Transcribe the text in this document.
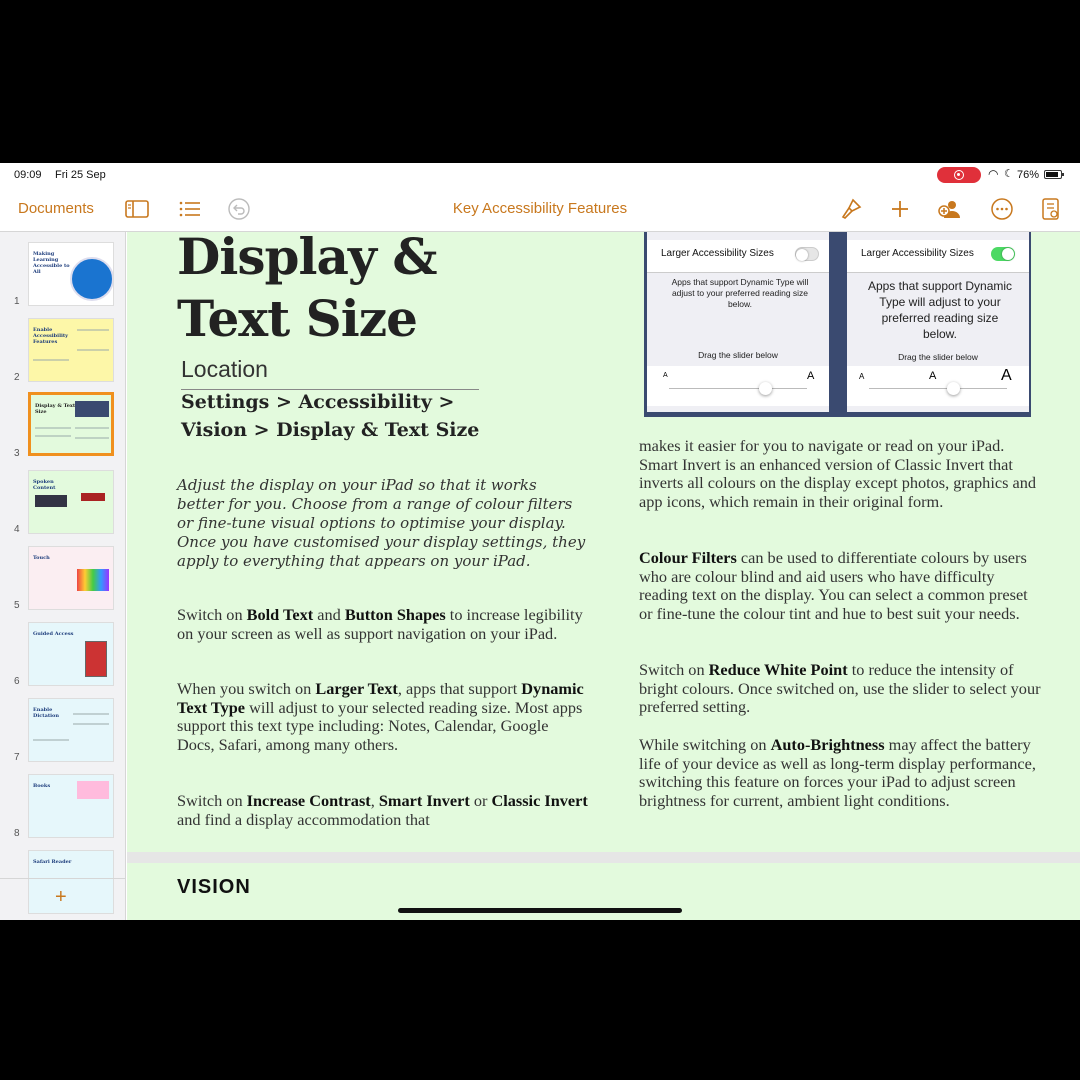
09:09 Fri 25 Sep	◠ ☾ 76%
Documents	Key Accessibility Features
Making Learning Accessible to All
1
Enable Accessibility Features
2
Display & Text Size
3
Spoken Content
4
Touch
5
Guided Access
6
Enable Dictation
7
Books
8
Safari Reader
+
Display &
Text Size
Location
Settings > Accessibility >
Vision > Display & Text Size
Adjust the display on your iPad so that it works better for you. Choose from a range of colour filters or fine-tune visual options to optimise your display. Once you have customised your display settings, they apply to everything that appears on your iPad.

Switch on Bold Text and Button Shapes to increase legibility on your screen as well as support navigation on your iPad.

When you switch on Larger Text, apps that support Dynamic Text Type will adjust to your selected reading size. Most apps support this text type including: Notes, Calendar, Google Docs, Safari, among many others.

Switch on Increase Contrast, Smart Invert or Classic Invert and find a display accommodation that

Larger Accessibility Sizes
Apps that support Dynamic Type will adjust to your preferred reading size below.
Drag the slider below
A	A
Larger Accessibility Sizes
Apps that support Dynamic Type will adjust to your preferred reading size below.
Drag the slider below
A	A	A

makes it easier for you to navigate or read on your iPad. Smart Invert is an enhanced version of Classic Invert that inverts all colours on the display except photos, graphics and app icons, which remain in their original form.

Colour Filters can be used to differentiate colours by users who are colour blind and aid users who have difficulty reading text on the display. You can select a common preset or fine-tune the colour tint and hue to best suit your needs.

Switch on Reduce White Point to reduce the intensity of bright colours. Once switched on, use the slider to select your preferred setting.

While switching on Auto-Brightness may affect the battery life of your device as well as long-term display performance, switching this feature on forces your iPad to adjust screen brightness for current, ambient light conditions.

VISION
